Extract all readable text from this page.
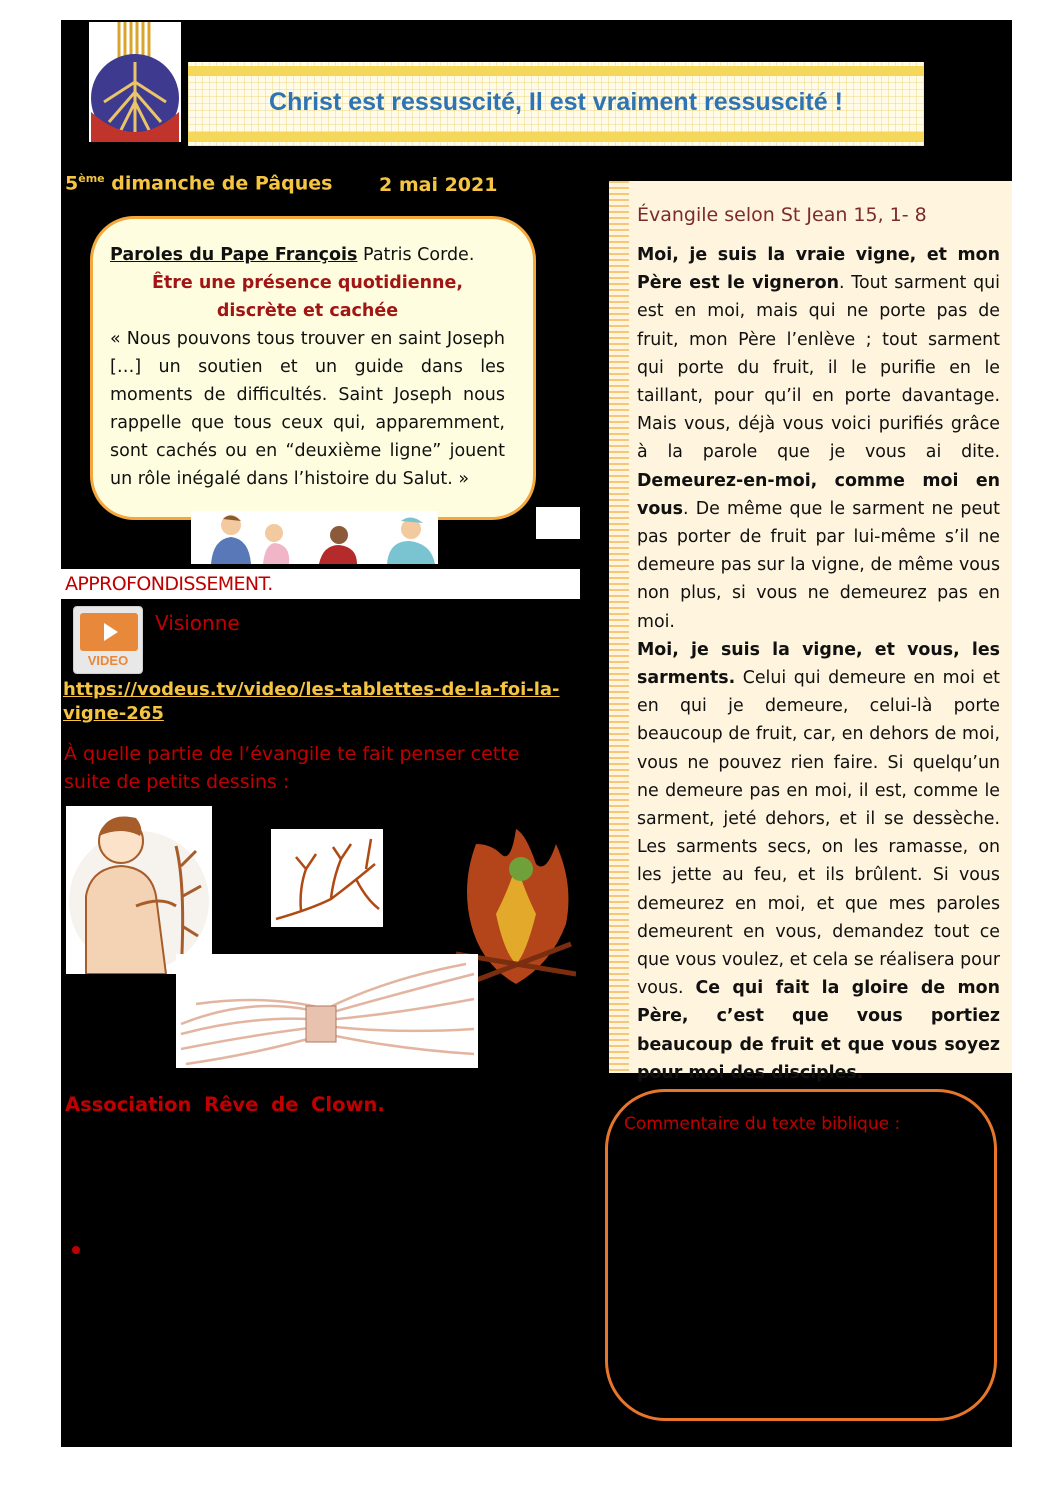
Christ est ressuscité, Il est vraiment ressuscité !
5ème dimanche de Pâques 2 mai 2021

Paroles du Pape François Patris Corde.

Être une présence quotidienne,

discrète et cachée

« Nous pouvons tous trouver en saint Joseph […] un soutien et un guide dans les moments de difficultés. Saint Joseph nous rappelle que tous ceux qui, apparemment, sont cachés ou en “deuxième ligne” jouent un rôle inégalé dans l’histoire du Salut. »

APPROFONDISSEMENT.
VIDEO
Visionne
https://vodeus.tv/video/les-tablettes-de-la-foi-la-vigne-265
À quelle partie de l’évangile te fait penser cette suite de petits dessins :
Association Rêve de Clown.
Évangile selon St Jean 15, 1- 8
Moi, je suis la vraie vigne, et mon Père est le vigneron. Tout sarment qui est en moi, mais qui ne porte pas de fruit, mon Père l’enlève ; tout sarment qui porte du fruit, il le purifie en le taillant, pour qu’il en porte davantage. Mais vous, déjà vous voici purifiés grâce à la parole que je vous ai dite. Demeurez-en-moi, comme moi en vous. De même que le sarment ne peut pas porter de fruit par lui-même s’il ne demeure pas sur la vigne, de même vous non plus, si vous ne demeurez pas en moi.
Moi, je suis la vigne, et vous, les sarments. Celui qui demeure en moi et en qui je demeure, celui-là porte beaucoup de fruit, car, en dehors de moi, vous ne pouvez rien faire. Si quelqu’un ne demeure pas en moi, il est, comme le sarment, jeté dehors, et il se dessèche. Les sarments secs, on les ramasse, on les jette au feu, et ils brûlent. Si vous demeurez en moi, et que mes paroles demeurent en vous, demandez tout ce que vous voulez, et cela se réalisera pour vous. Ce qui fait la gloire de mon Père, c’est que vous portiez beaucoup de fruit et que vous soyez pour moi des disciples.
Commentaire du texte biblique :
